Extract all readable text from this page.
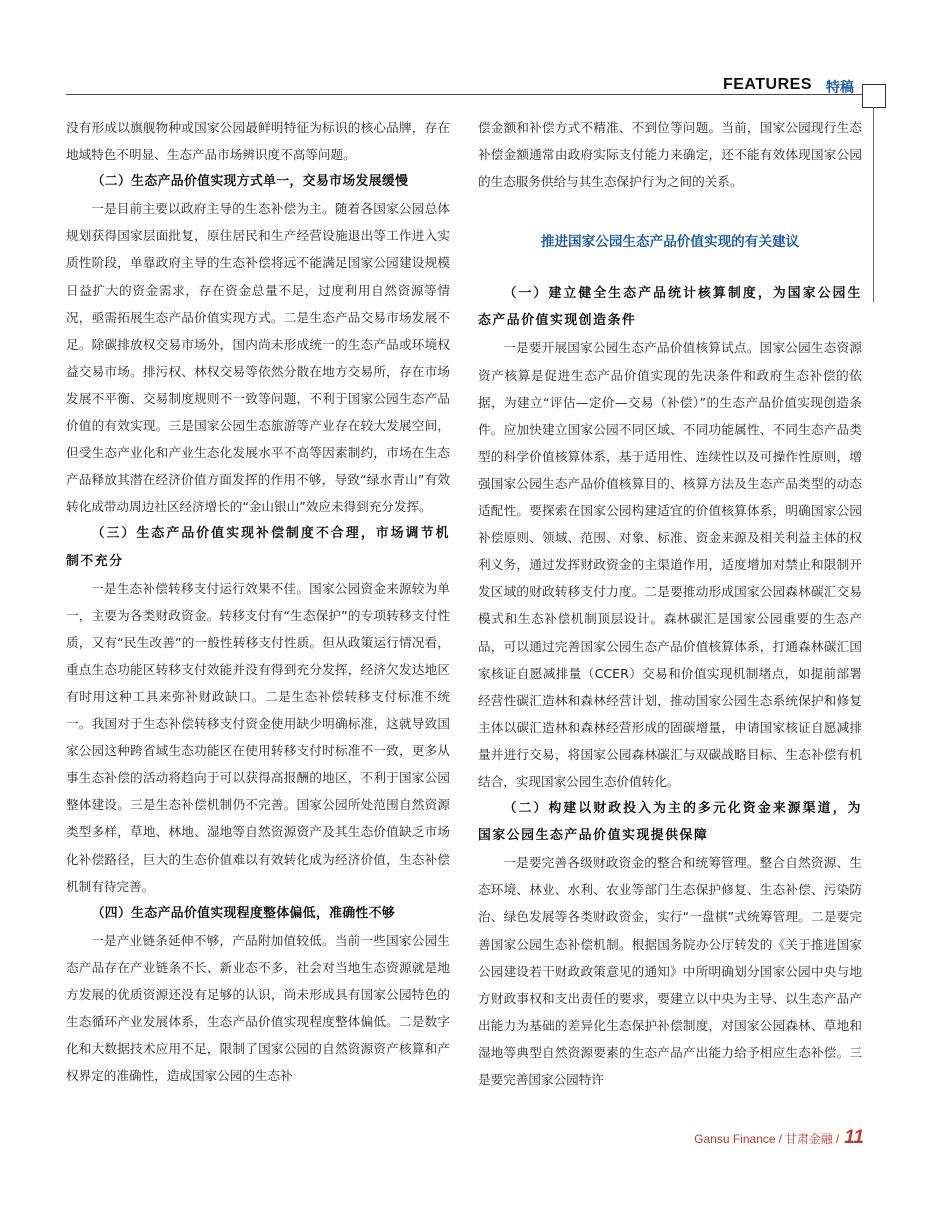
FEATURES 特稿

没有形成以旗舰物种或国家公园最鲜明特征为标识的核心品牌，存在地域特色不明显、生态产品市场辨识度不高等问题。

（二）生态产品价值实现方式单一，交易市场发展缓慢

一是目前主要以政府主导的生态补偿为主。随着各国家公园总体规划获得国家层面批复，原住居民和生产经营设施退出等工作进入实质性阶段，单靠政府主导的生态补偿将远不能满足国家公园建设规模日益扩大的资金需求，存在资金总量不足，过度利用自然资源等情况，亟需拓展生态产品价值实现方式。二是生态产品交易市场发展不足。除碳排放权交易市场外，国内尚未形成统一的生态产品或环境权益交易市场。排污权、林权交易等依然分散在地方交易所，存在市场发展不平衡、交易制度规则不一致等问题，不利于国家公园生态产品价值的有效实现。三是国家公园生态旅游等产业存在较大发展空间，但受生态产业化和产业生态化发展水平不高等因素制约，市场在生态产品释放其潜在经济价值方面发挥的作用不够，导致“绿水青山”有效转化成带动周边社区经济增长的“金山银山”效应未得到充分发挥。

（三）生态产品价值实现补偿制度不合理，市场调节机制不充分

一是生态补偿转移支付运行效果不佳。国家公园资金来源较为单一，主要为各类财政资金。转移支付有“生态保护”的专项转移支付性质，又有“民生改善”的一般性转移支付性质。但从政策运行情况看，重点生态功能区转移支付效能并没有得到充分发挥，经济欠发达地区有时用这种工具来弥补财政缺口。二是生态补偿转移支付标准不统一。我国对于生态补偿转移支付资金使用缺少明确标准，这就导致国家公园这种跨省域生态功能区在使用转移支付时标准不一致，更多从事生态补偿的活动将趋向于可以获得高报酬的地区，不利于国家公园整体建设。三是生态补偿机制仍不完善。国家公园所处范围自然资源类型多样，草地、林地、湿地等自然资源资产及其生态价值缺乏市场化补偿路径，巨大的生态价值难以有效转化成为经济价值，生态补偿机制有待完善。

（四）生态产品价值实现程度整体偏低，准确性不够

一是产业链条延伸不够，产品附加值较低。当前一些国家公园生态产品存在产业链条不长、新业态不多，社会对当地生态资源就是地方发展的优质资源还没有足够的认识，尚未形成具有国家公园特色的生态循环产业发展体系，生态产品价值实现程度整体偏低。二是数字化和大数据技术应用不足，限制了国家公园的自然资源资产核算和产权界定的准确性，造成国家公园的生态补

偿金额和补偿方式不精准、不到位等问题。当前，国家公园现行生态补偿金额通常由政府实际支付能力来确定，还不能有效体现国家公园的生态服务供给与其生态保护行为之间的关系。

推进国家公园生态产品价值实现的有关建议
（一）建立健全生态产品统计核算制度，为国家公园生态产品价值实现创造条件

一是要开展国家公园生态产品价值核算试点。国家公园生态资源资产核算是促进生态产品价值实现的先决条件和政府生态补偿的依据，为建立“评估—定价—交易（补偿）”的生态产品价值实现创造条件。应加快建立国家公园不同区域、不同功能属性、不同生态产品类型的科学价值核算体系，基于适用性、连续性以及可操作性原则，增强国家公园生态产品价值核算目的、核算方法及生态产品类型的动态适配性。要探索在国家公园构建适宜的价值核算体系，明确国家公园补偿原则、领域、范围、对象、标准、资金来源及相关利益主体的权利义务，通过发挥财政资金的主渠道作用，适度增加对禁止和限制开发区域的财政转移支付力度。二是要推动形成国家公园森林碳汇交易模式和生态补偿机制顶层设计。森林碳汇是国家公园重要的生态产品，可以通过完善国家公园生态产品价值核算体系，打通森林碳汇国家核证自愿减排量（CCER）交易和价值实现机制堵点，如提前部署经营性碳汇造林和森林经营计划，推动国家公园生态系统保护和修复主体以碳汇造林和森林经营形成的固碳增量，申请国家核证自愿减排量并进行交易，将国家公园森林碳汇与双碳战略目标、生态补偿有机结合，实现国家公园生态价值转化。

（二）构建以财政投入为主的多元化资金来源渠道，为国家公园生态产品价值实现提供保障

一是要完善各级财政资金的整合和统筹管理。整合自然资源、生态环境、林业、水利、农业等部门生态保护修复、生态补偿、污染防治、绿色发展等各类财政资金，实行“一盘棋”式统筹管理。二是要完善国家公园生态补偿机制。根据国务院办公厅转发的《关于推进国家公园建设若干财政政策意见的通知》中所明确划分国家公园中央与地方财政事权和支出责任的要求，要建立以中央为主导、以生态产品产出能力为基础的差异化生态保护补偿制度，对国家公园森林、草地和湿地等典型自然资源要素的生态产品产出能力给予相应生态补偿。三是要完善国家公园特许

Gansu Finance / 甘肃金融 / 11
